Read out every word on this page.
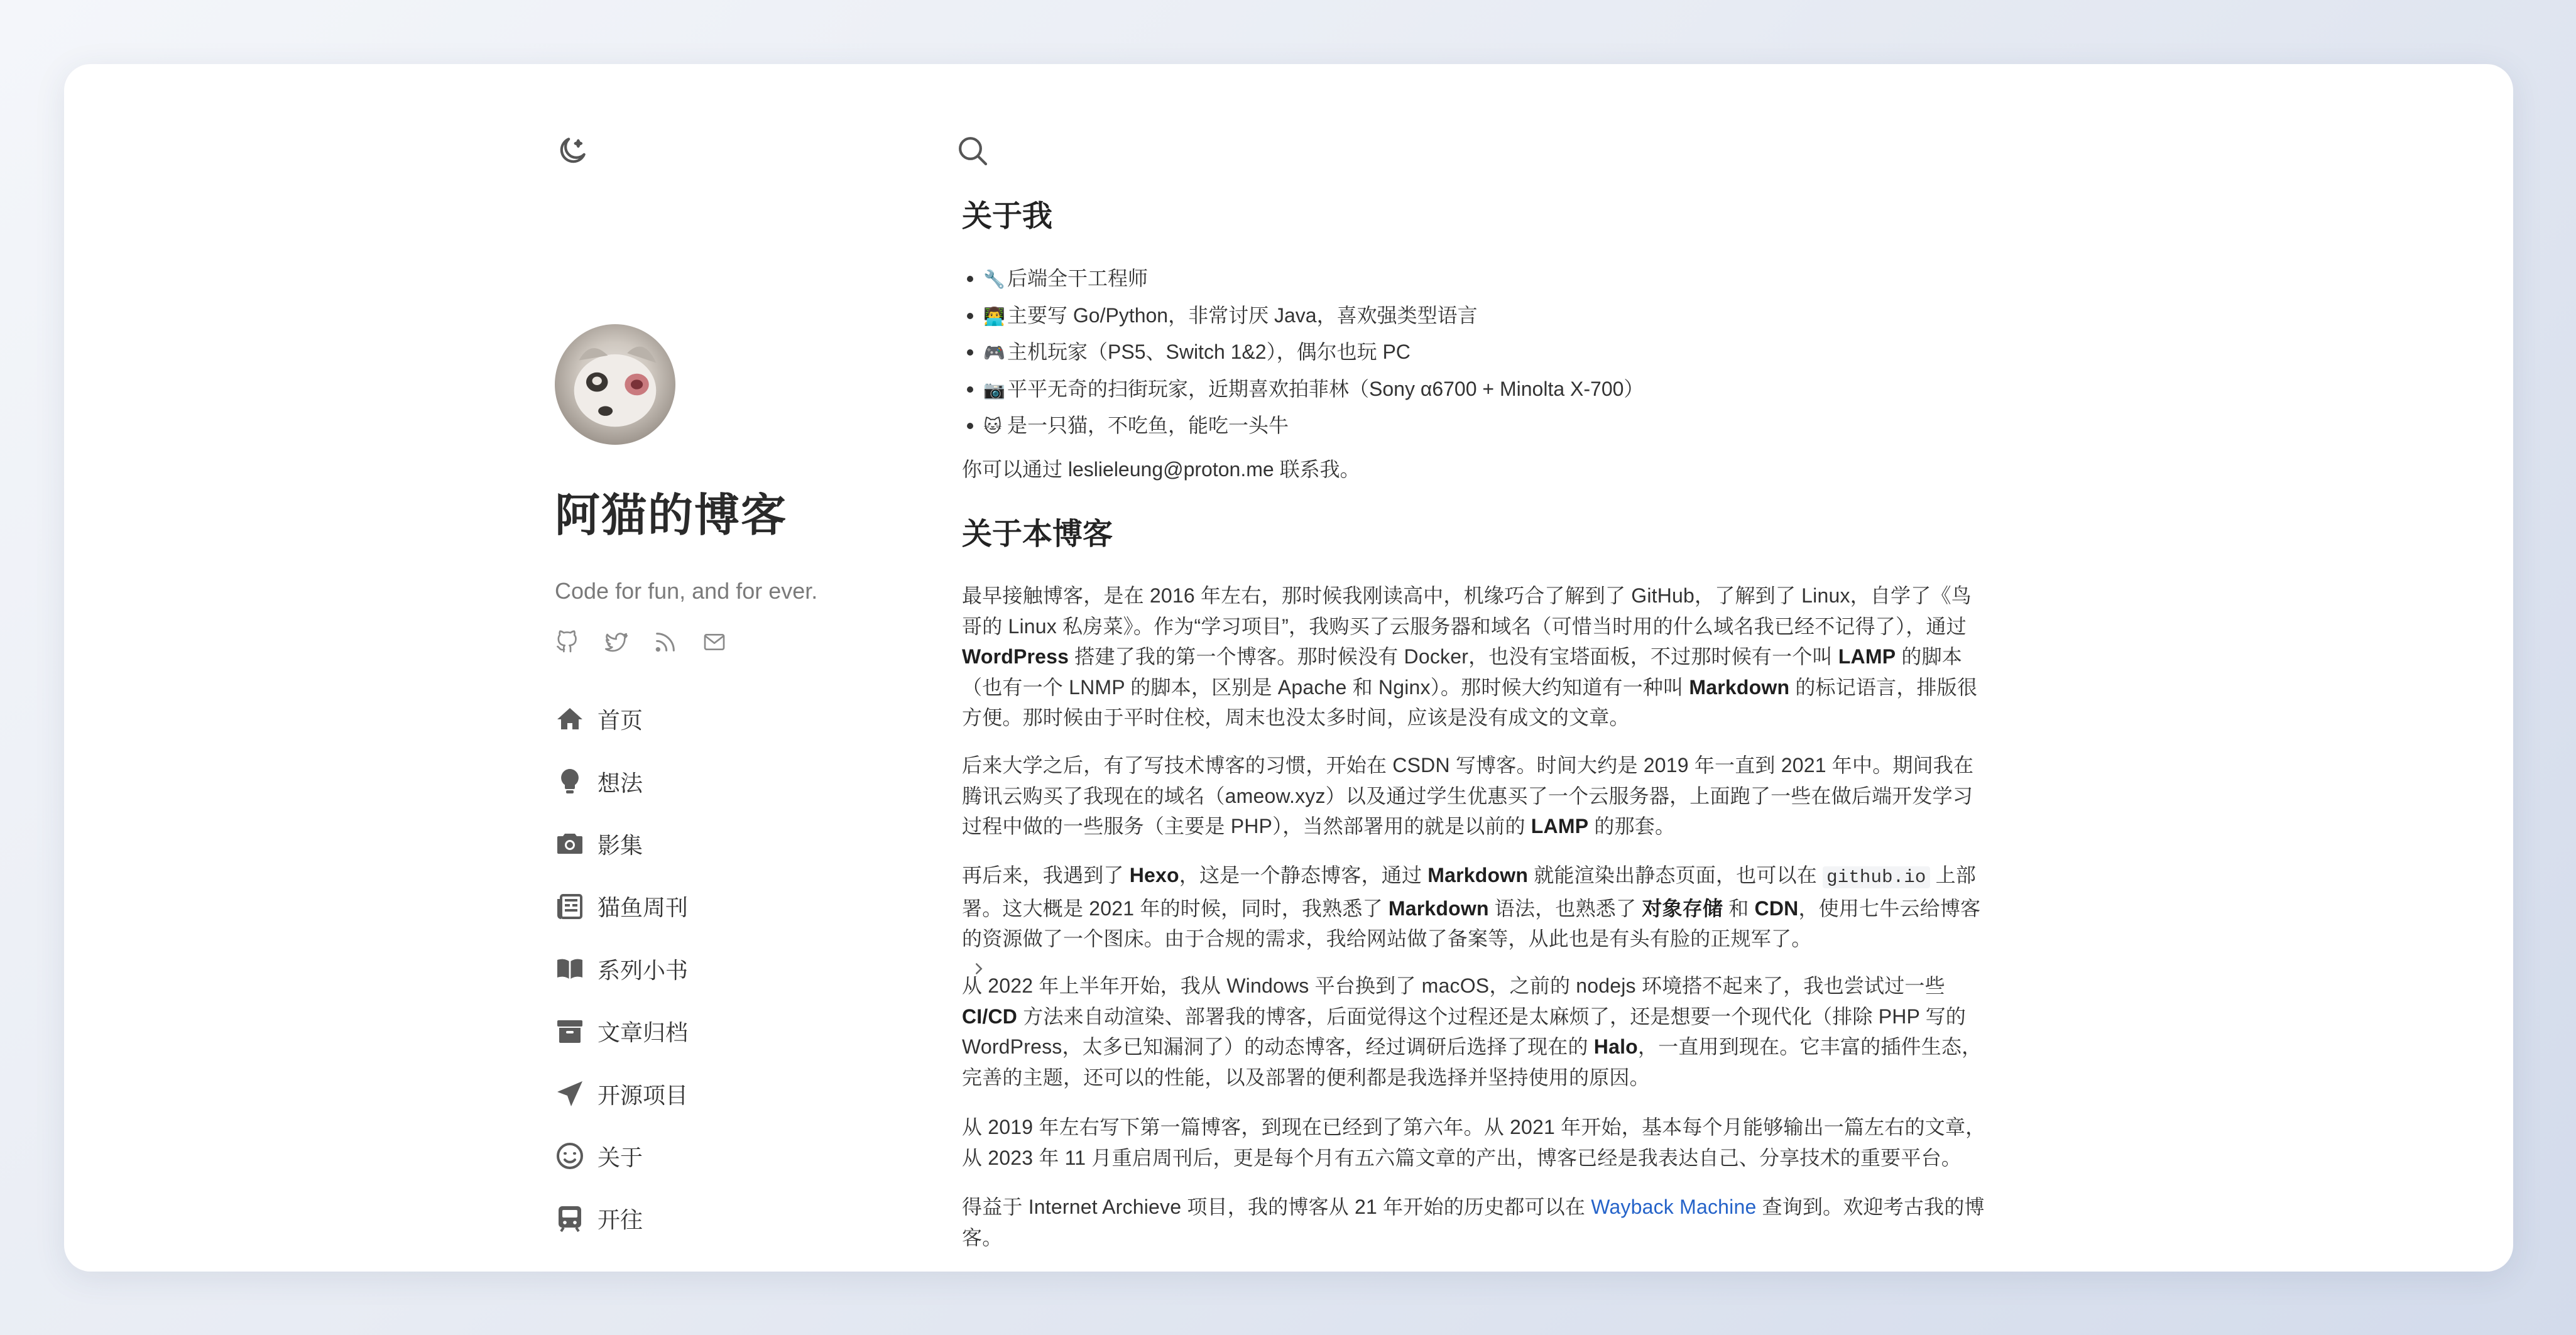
阿猫的博客
Code for fun, and for ever.
首页
想法
影集
猫鱼周刊
系列小书
文章归档
开源项目
关于
开往
关于我
🔧后端全干工程师
👨‍💻主要写 Go/Python，非常讨厌 Java，喜欢强类型语言
🎮主机玩家（PS5、Switch 1&2），偶尔也玩 PC
📷平平无奇的扫街玩家，近期喜欢拍菲林（Sony α6700 + Minolta X-700）
🐱 是一只猫，不吃鱼，能吃一头牛
你可以通过 leslieleung@proton.me 联系我。
关于本博客

最早接触博客，是在 2016 年左右，那时候我刚读高中，机缘巧合了解到了 GitHub，了解到了 Linux，自学了《鸟哥的 Linux 私房菜》。作为“学习项目”，我购买了云服务器和域名（可惜当时用的什么域名我已经不记得了），通过 WordPress 搭建了我的第一个博客。那时候没有 Docker，也没有宝塔面板，不过那时候有一个叫 LAMP 的脚本（也有一个 LNMP 的脚本，区别是 Apache 和 Nginx）。那时候大约知道有一种叫 Markdown 的标记语言，排版很方便。那时候由于平时住校，周末也没太多时间，应该是没有成文的文章。

后来大学之后，有了写技术博客的习惯，开始在 CSDN 写博客。时间大约是 2019 年一直到 2021 年中。期间我在腾讯云购买了我现在的域名（ameow.xyz）以及通过学生优惠买了一个云服务器，上面跑了一些在做后端开发学习过程中做的一些服务（主要是 PHP），当然部署用的就是以前的 LAMP 的那套。

再后来，我遇到了 Hexo，这是一个静态博客，通过 Markdown 就能渲染出静态页面，也可以在 github.io 上部署。这大概是 2021 年的时候，同时，我熟悉了 Markdown 语法，也熟悉了 对象存储 和 CDN，使用七牛云给博客的资源做了一个图床。由于合规的需求，我给网站做了备案等，从此也是有头有脸的正规军了。

从 2022 年上半年开始，我从 Windows 平台换到了 macOS，之前的 nodejs 环境搭不起来了，我也尝试过一些 CI/CD 方法来自动渲染、部署我的博客，后面觉得这个过程还是太麻烦了，还是想要一个现代化（排除 PHP 写的 WordPress，太多已知漏洞了）的动态博客，经过调研后选择了现在的 Halo，一直用到现在。它丰富的插件生态，完善的主题，还可以的性能，以及部署的便利都是我选择并坚持使用的原因。

从 2019 年左右写下第一篇博客，到现在已经到了第六年。从 2021 年开始，基本每个月能够输出一篇左右的文章，从 2023 年 11 月重启周刊后，更是每个月有五六篇文章的产出，博客已经是我表达自己、分享技术的重要平台。

得益于 Internet Archieve 项目，我的博客从 21 年开始的历史都可以在 Wayback Machine 查询到。欢迎考古我的博客。
